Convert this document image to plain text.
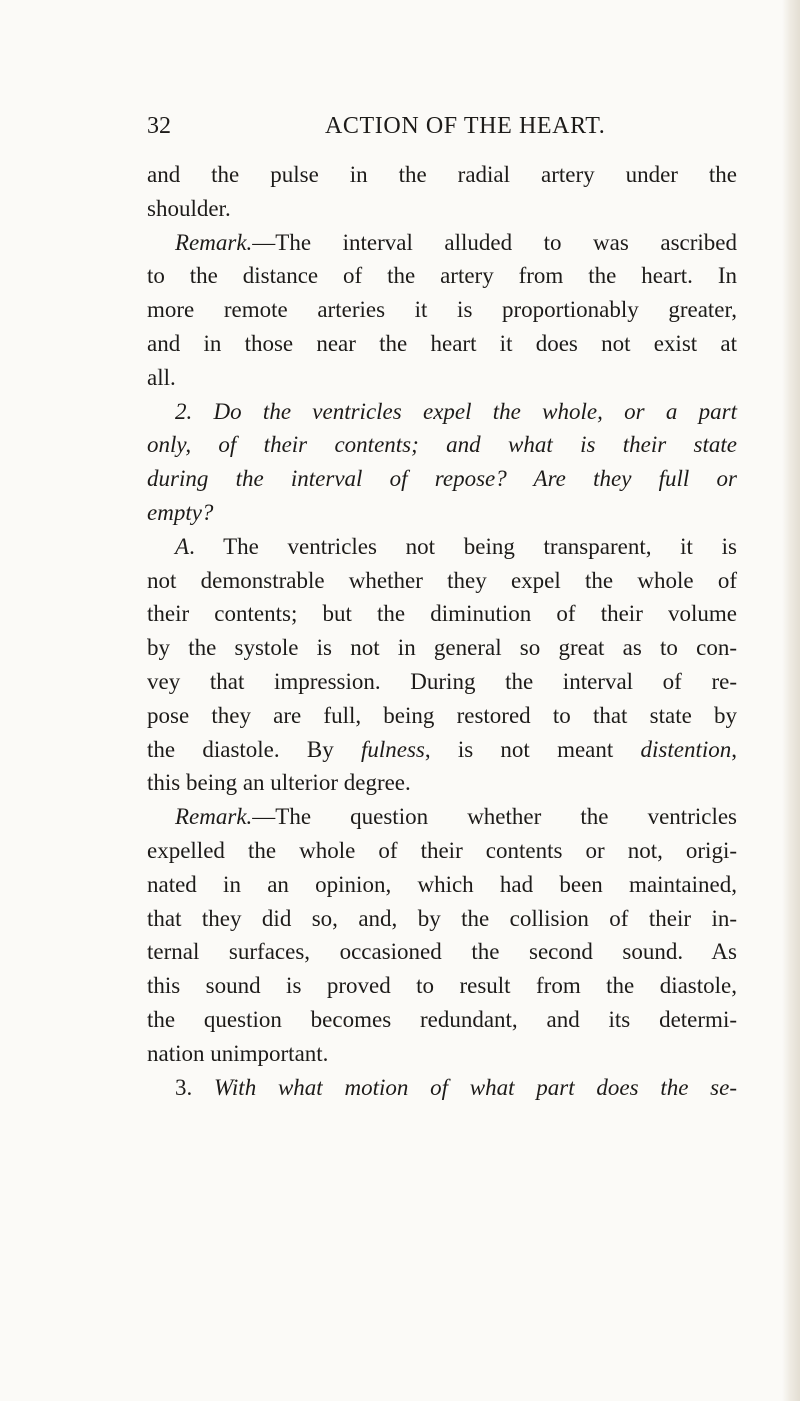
32	ACTION OF THE HEART.
and the pulse in the radial artery under the
shoulder.
Remark.—The interval alluded to was ascribed
to the distance of the artery from the heart. In
more remote arteries it is proportionably greater,
and in those near the heart it does not exist at
all.
2. Do the ventricles expel the whole, or a part
only, of their contents; and what is their state
during the interval of repose? Are they full or
empty?
A. The ventricles not being transparent, it is
not demonstrable whether they expel the whole of
their contents; but the diminution of their volume
by the systole is not in general so great as to con-
vey that impression. During the interval of re-
pose they are full, being restored to that state by
the diastole. By fulness, is not meant distention,
this being an ulterior degree.
Remark.—The question whether the ventricles
expelled the whole of their contents or not, origi-
nated in an opinion, which had been maintained,
that they did so, and, by the collision of their in-
ternal surfaces, occasioned the second sound. As
this sound is proved to result from the diastole,
the question becomes redundant, and its determi-
nation unimportant.
3. With what motion of what part does the se-
